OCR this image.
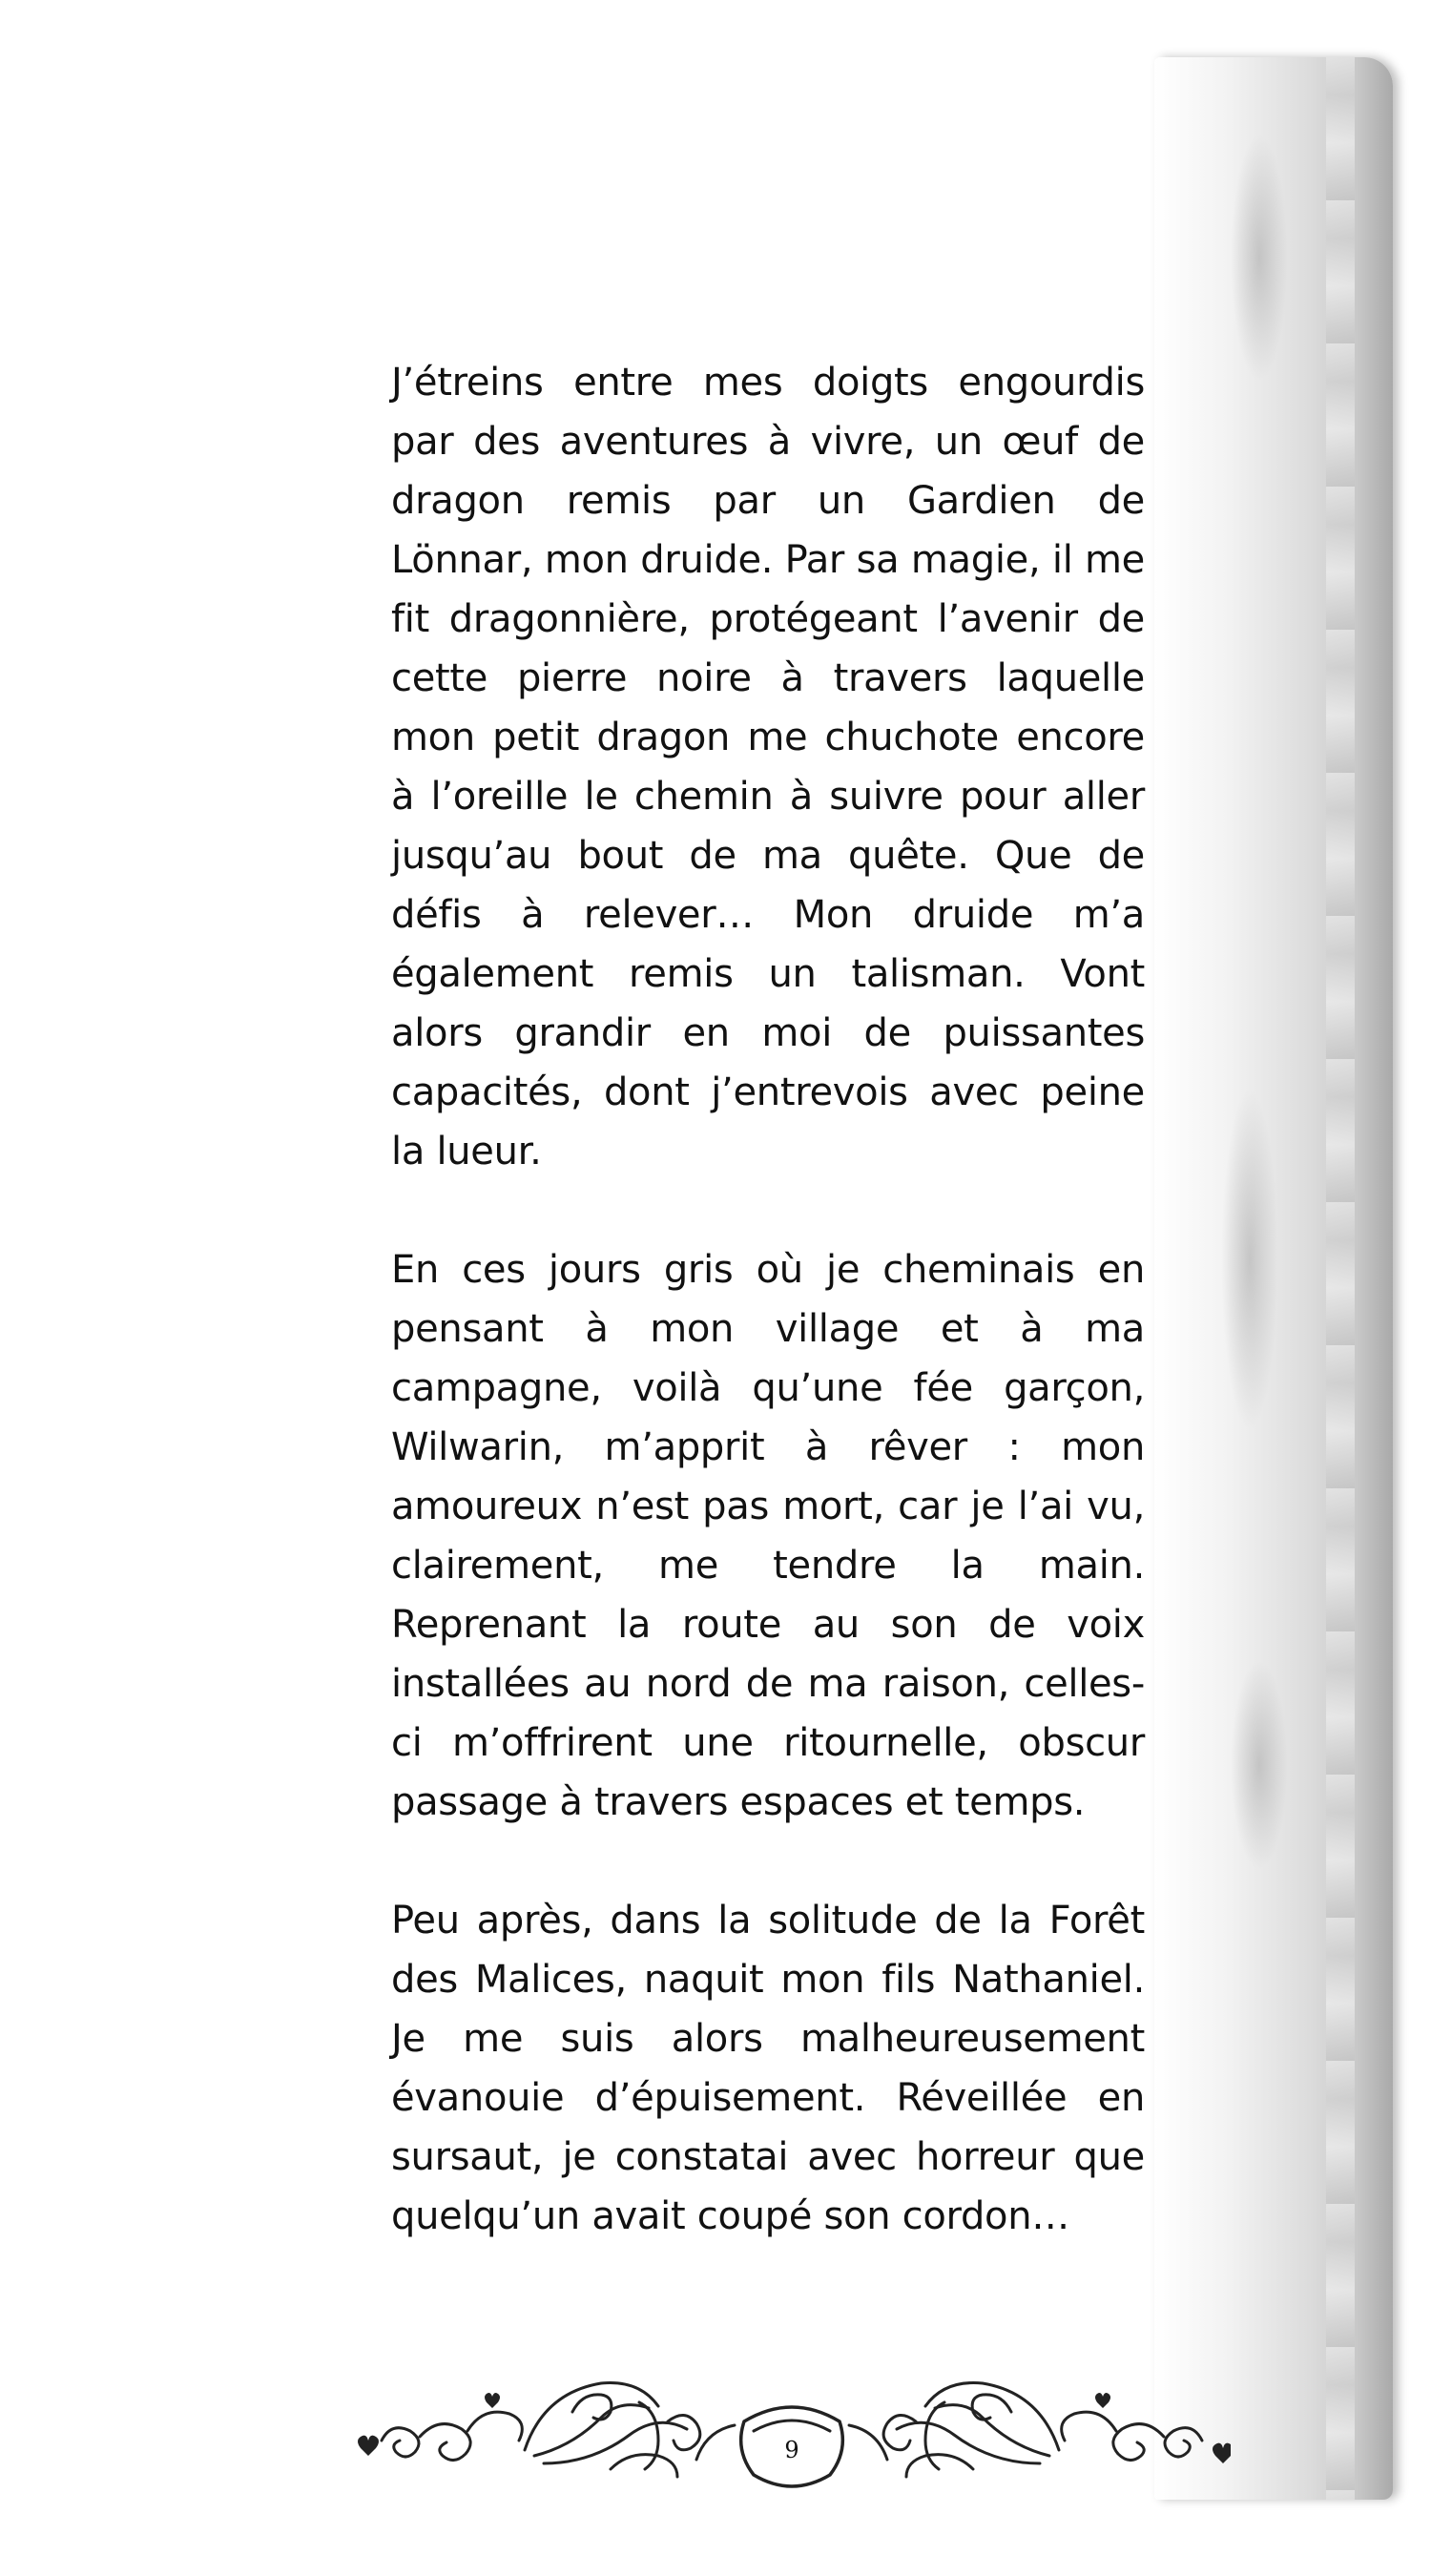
J’étreins entre mes doigts engourdis par des aventures à vivre, un œuf de dragon remis par un Gardien de Lönnar, mon druide. Par sa magie, il me fit dragonnière, protégeant l’avenir de cette pierre noire à travers laquelle mon petit dragon me chuchote encore à l’oreille le chemin à suivre pour aller jusqu’au bout de ma quête. Que de défis à relever… Mon druide m’a également remis un talisman. Vont alors grandir en moi de puissantes capacités, dont j’entrevois avec peine la lueur.

En ces jours gris où je cheminais en pensant à mon village et à ma campagne, voilà qu’une fée garçon, Wilwarin, m’apprit à rêver : mon amoureux n’est pas mort, car je l’ai vu, clairement, me tendre la main. Reprenant la route au son de voix installées au nord de ma raison, celles-ci m’offrirent une ritournelle, obscur passage à travers espaces et temps.

Peu après, dans la solitude de la Forêt des Malices, naquit mon fils Nathaniel. Je me suis alors malheureusement évanouie d’épuisement. Réveillée en sursaut, je constatai avec horreur que quelqu’un avait coupé son cordon…

9
